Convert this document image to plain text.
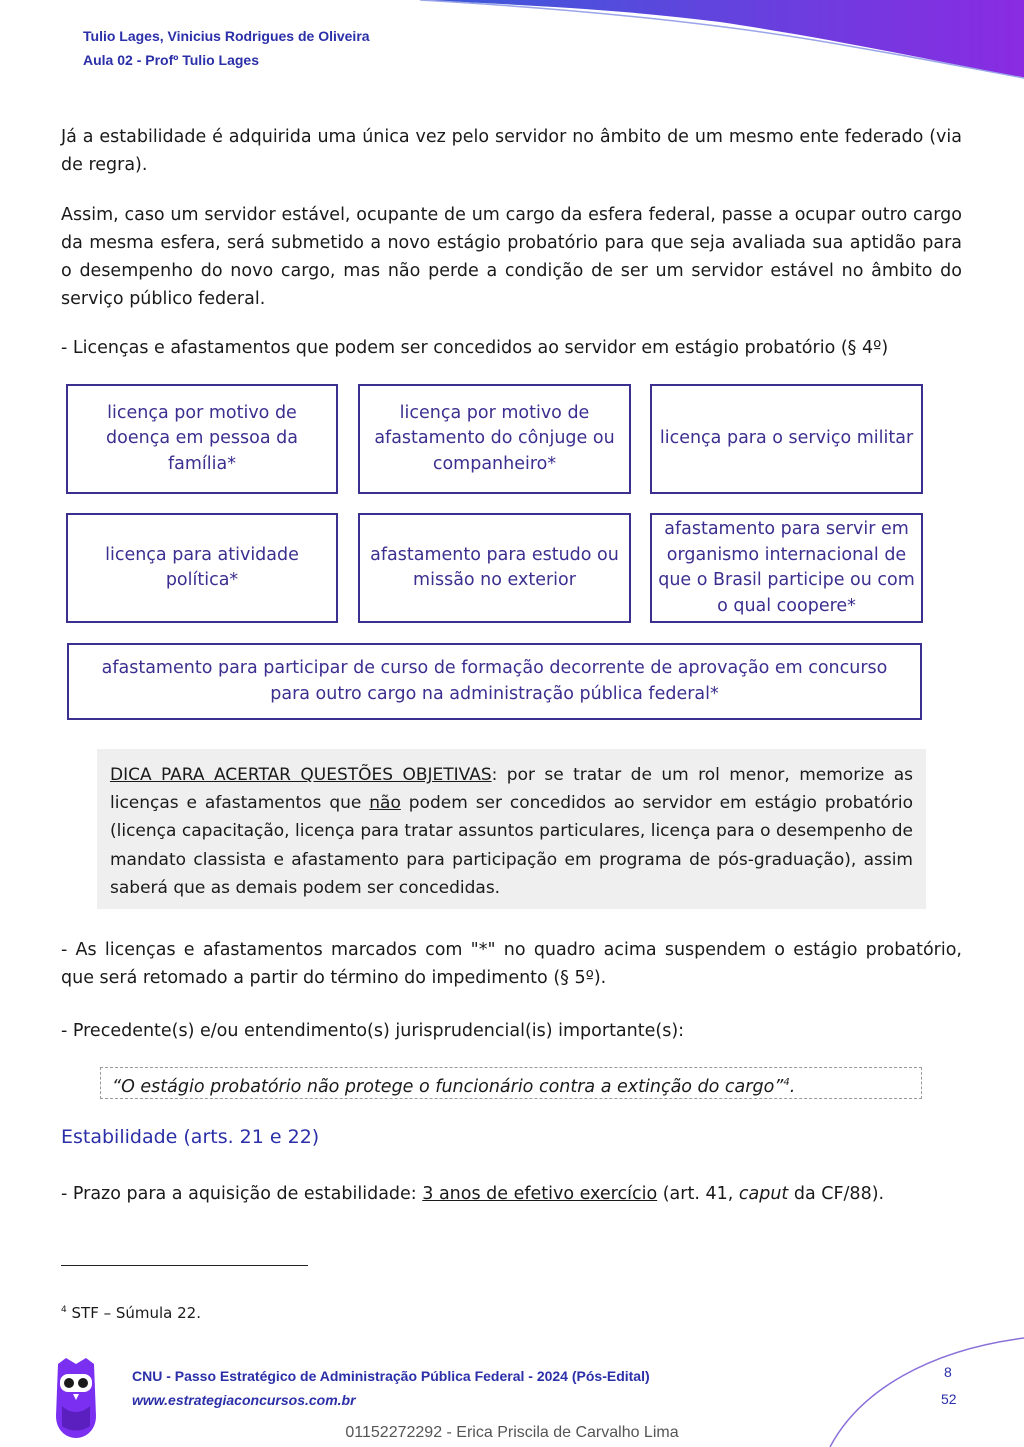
Tulio Lages, Vinicius Rodrigues de Oliveira
Aula 02 - Profº Tulio Lages

Já a estabilidade é adquirida uma única vez pelo servidor no âmbito de um mesmo ente federado (via de regra).

Assim, caso um servidor estável, ocupante de um cargo da esfera federal, passe a ocupar outro cargo da mesma esfera, será submetido a novo estágio probatório para que seja avaliada sua aptidão para o desempenho do novo cargo, mas não perde a condição de ser um servidor estável no âmbito do serviço público federal.

- Licenças e afastamentos que podem ser concedidos ao servidor em estágio probatório (§ 4º)

licença por motivo de doença em pessoa da família*
licença por motivo de afastamento do cônjuge ou companheiro*
licença para o serviço militar
licença para atividade política*
afastamento para estudo ou missão no exterior
afastamento para servir em organismo internacional de que o Brasil participe ou com o qual coopere*
afastamento para participar de curso de formação decorrente de aprovação em concurso para outro cargo na administração pública federal*
DICA PARA ACERTAR QUESTÕES OBJETIVAS: por se tratar de um rol menor, memorize as licenças e afastamentos que não podem ser concedidos ao servidor em estágio probatório (licença capacitação, licença para tratar assuntos particulares, licença para o desempenho de mandato classista e afastamento para participação em programa de pós-graduação), assim saberá que as demais podem ser concedidas.

- As licenças e afastamentos marcados com "*" no quadro acima suspendem o estágio probatório, que será retomado a partir do término do impedimento (§ 5º).

- Precedente(s) e/ou entendimento(s) jurisprudencial(is) importante(s):

“O estágio probatório não protege o funcionário contra a extinção do cargo”$^4$.
Estabilidade (arts. 21 e 22)

- Prazo para a aquisição de estabilidade: 3 anos de efetivo exercício (art. 41, caput da CF/88).

$^4$ STF – Súmula 22.
CNU - Passo Estratégico de Administração Pública Federal - 2024 (Pós-Edital)
www.estrategiaconcursos.com.br
8
52
01152272292 - Erica Priscila de Carvalho Lima
